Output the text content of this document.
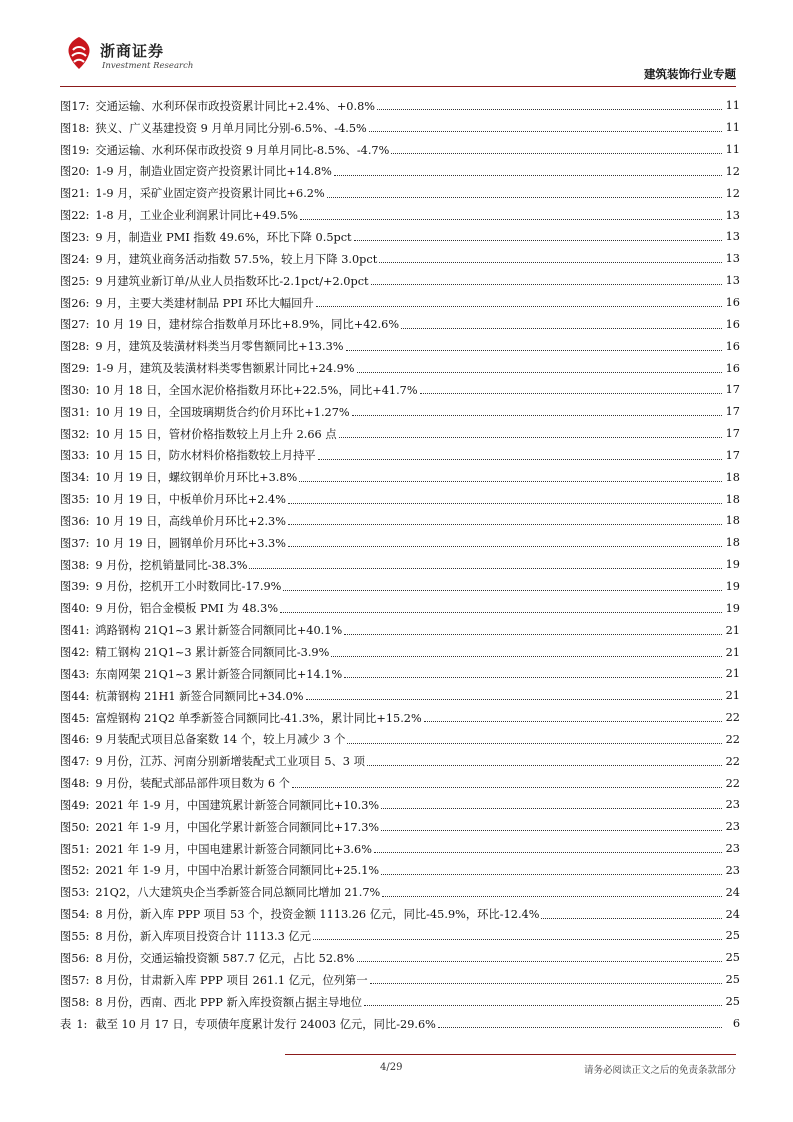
浙商证券
Investment Research
建筑装饰行业专题
图17: 交通运输、水利环保市政投资累计同比+2.4%、+0.8%	11
图18: 狭义、广义基建投资 9 月单月同比分别-6.5%、-4.5%	11
图19: 交通运输、水利环保市政投资 9 月单月同比-8.5%、-4.7%	11
图20: 1-9 月，制造业固定资产投资累计同比+14.8%	12
图21: 1-9 月，采矿业固定资产投资累计同比+6.2%	12
图22: 1-8 月，工业企业利润累计同比+49.5%	13
图23: 9 月，制造业 PMI 指数 49.6%，环比下降 0.5pct	13
图24: 9 月，建筑业商务活动指数 57.5%，较上月下降 3.0pct	13
图25: 9 月建筑业新订单/从业人员指数环比-2.1pct/+2.0pct	13
图26: 9 月，主要大类建材制品 PPI 环比大幅回升	16
图27: 10 月 19 日，建材综合指数单月环比+8.9%，同比+42.6%	16
图28: 9 月，建筑及装潢材料类当月零售额同比+13.3%	16
图29: 1-9 月，建筑及装潢材料类零售额累计同比+24.9%	16
图30: 10 月 18 日，全国水泥价格指数月环比+22.5%，同比+41.7%	17
图31: 10 月 19 日，全国玻璃期货合约价月环比+1.27%	17
图32: 10 月 15 日，管材价格指数较上月上升 2.66 点	17
图33: 10 月 15 日，防水材料价格指数较上月持平	17
图34: 10 月 19 日，螺纹钢单价月环比+3.8%	18
图35: 10 月 19 日，中板单价月环比+2.4%	18
图36: 10 月 19 日，高线单价月环比+2.3%	18
图37: 10 月 19 日，圆钢单价月环比+3.3%	18
图38: 9 月份，挖机销量同比-38.3%	19
图39: 9 月份，挖机开工小时数同比-17.9%	19
图40: 9 月份，铝合金模板 PMI 为 48.3%	19
图41: 鸿路钢构 21Q1~3 累计新签合同额同比+40.1%	21
图42: 精工钢构 21Q1~3 累计新签合同额同比-3.9%	21
图43: 东南网架 21Q1~3 累计新签合同额同比+14.1%	21
图44: 杭萧钢构 21H1 新签合同额同比+34.0%	21
图45: 富煌钢构 21Q2 单季新签合同额同比-41.3%，累计同比+15.2%	22
图46: 9 月装配式项目总备案数 14 个，较上月减少 3 个	22
图47: 9 月份，江苏、河南分别新增装配式工业项目 5、3 项	22
图48: 9 月份，装配式部品部件项目数为 6 个	22
图49: 2021 年 1-9 月，中国建筑累计新签合同额同比+10.3%	23
图50: 2021 年 1-9 月，中国化学累计新签合同额同比+17.3%	23
图51: 2021 年 1-9 月，中国电建累计新签合同额同比+3.6%	23
图52: 2021 年 1-9 月，中国中冶累计新签合同额同比+25.1%	23
图53: 21Q2，八大建筑央企当季新签合同总额同比增加 21.7%	24
图54: 8 月份，新入库 PPP 项目 53 个，投资金额 1113.26 亿元，同比-45.9%，环比-12.4%	24
图55: 8 月份，新入库项目投资合计 1113.3 亿元	25
图56: 8 月份，交通运输投资额 587.7 亿元，占比 52.8%	25
图57: 8 月份，甘肃新入库 PPP 项目 261.1 亿元，位列第一	25
图58: 8 月份，西南、西北 PPP 新入库投资额占据主导地位	25
表 1: 截至 10 月 17 日，专项债年度累计发行 24003 亿元，同比-29.6%	6
4/29	请务必阅读正文之后的免责条款部分
